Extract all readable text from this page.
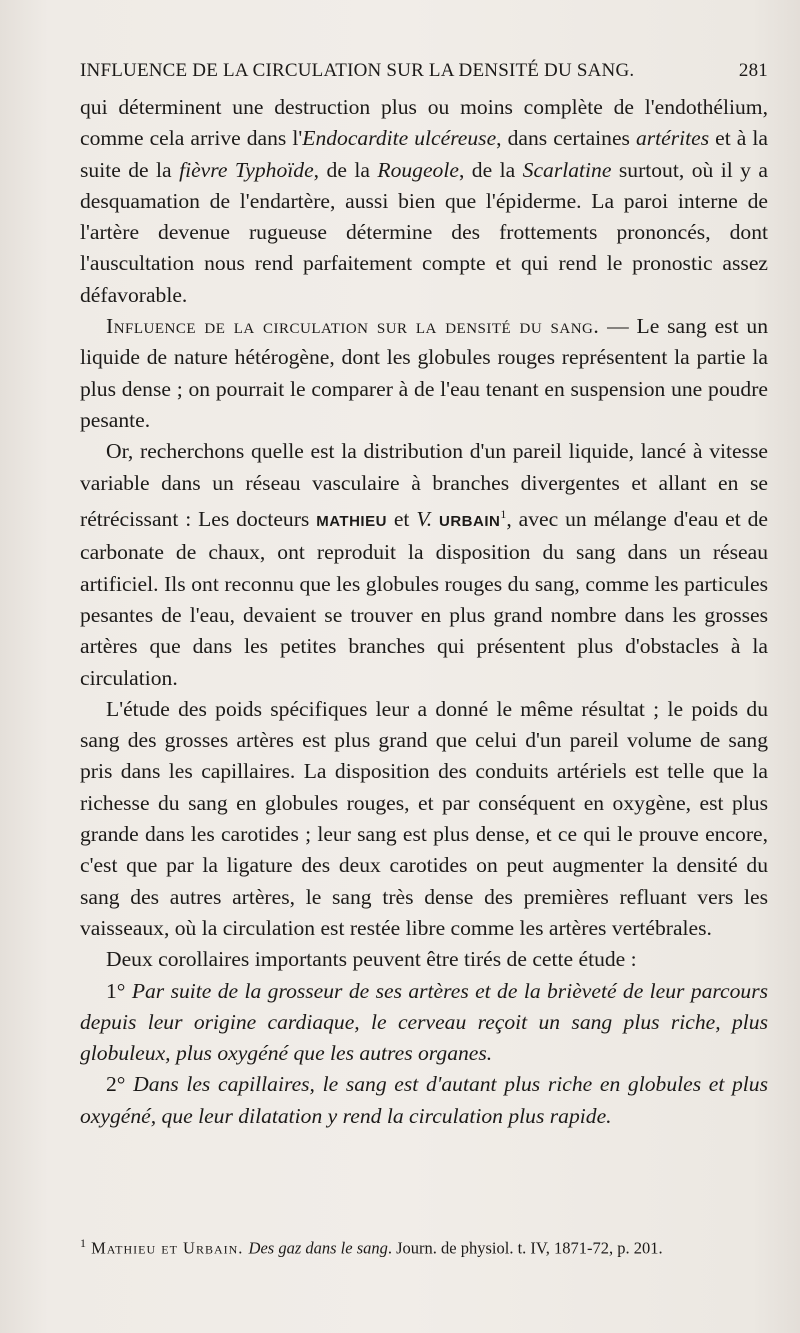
INFLUENCE DE LA CIRCULATION SUR LA DENSITÉ DU SANG.	281

qui déterminent une destruction plus ou moins complète de l'endothélium, comme cela arrive dans l'Endocardite ulcéreuse, dans certaines artérites et à la suite de la fièvre Typhoïde, de la Rougeole, de la Scarlatine surtout, où il y a desquamation de l'endartère, aussi bien que l'épiderme. La paroi interne de l'artère devenue rugueuse détermine des frottements prononcés, dont l'auscultation nous rend parfaitement compte et qui rend le pronostic assez défavorable.

Influence de la circulation sur la densité du sang. — Le sang est un liquide de nature hétérogène, dont les globules rouges représentent la partie la plus dense ; on pourrait le comparer à de l'eau tenant en suspension une poudre pesante.

Or, recherchons quelle est la distribution d'un pareil liquide, lancé à vitesse variable dans un réseau vasculaire à branches divergentes et allant en se rétrécissant : Les docteurs MATHIEU et V. URBAIN$^1$, avec un mélange d'eau et de carbonate de chaux, ont reproduit la disposition du sang dans un réseau artificiel. Ils ont reconnu que les globules rouges du sang, comme les particules pesantes de l'eau, devaient se trouver en plus grand nombre dans les grosses artères que dans les petites branches qui présentent plus d'obstacles à la circulation.

L'étude des poids spécifiques leur a donné le même résultat ; le poids du sang des grosses artères est plus grand que celui d'un pareil volume de sang pris dans les capillaires. La disposition des conduits artériels est telle que la richesse du sang en globules rouges, et par conséquent en oxygène, est plus grande dans les carotides ; leur sang est plus dense, et ce qui le prouve encore, c'est que par la ligature des deux carotides on peut augmenter la densité du sang des autres artères, le sang très dense des premières refluant vers les vaisseaux, où la circulation est restée libre comme les artères vertébrales.

Deux corollaires importants peuvent être tirés de cette étude :

1° Par suite de la grosseur de ses artères et de la brièveté de leur parcours depuis leur origine cardiaque, le cerveau reçoit un sang plus riche, plus globuleux, plus oxygéné que les autres organes.

2° Dans les capillaires, le sang est d'autant plus riche en globules et plus oxygéné, que leur dilatation y rend la circulation plus rapide.

$^1$ Mathieu et Urbain. Des gaz dans le sang. Journ. de physiol. t. IV, 1871-72, p. 201.
